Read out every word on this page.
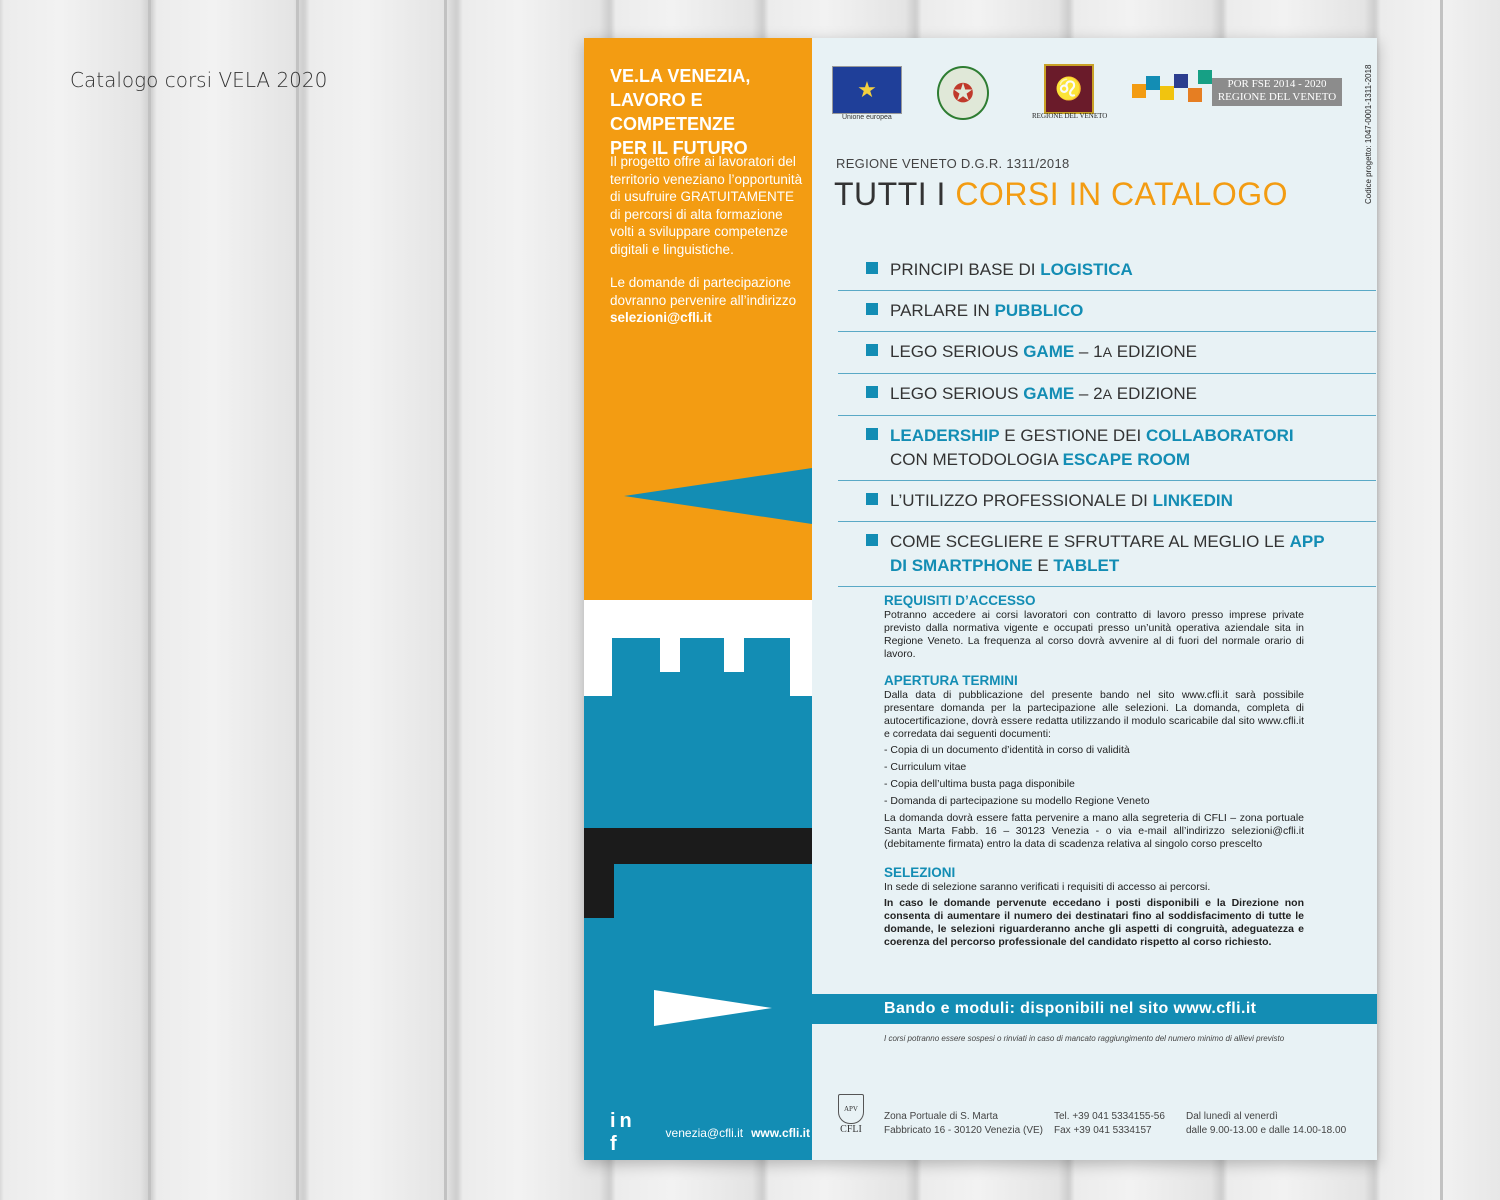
Catalogo corsi VELA 2020	VE.LA VENEZIA,
LAVORO E COMPETENZE
PER IL FUTURO

Il progetto offre ai lavoratori del territorio veneziano l’opportunità di usufruire GRATUITAMENTE di percorsi di alta formazione volti a sviluppare competenze digitali e linguistiche.

Le domande di partecipazione dovranno pervenire all’indirizzo selezioni@cfli.it

in f	venezia@cfli.it www.cfli.it
★
Unione europea
✪	♌
REGIONE DEL VENETO
POR FSE 2014 - 2020
REGIONE DEL VENETO	Codice progetto: 1047-0001-1311-2018
REGIONE VENETO D.G.R. 1311/2018
TUTTI I CORSI IN CATALOGO
PRINCIPI BASE DI LOGISTICA
PARLARE IN PUBBLICO
LEGO SERIOUS GAME – 1A EDIZIONE
LEGO SERIOUS GAME – 2A EDIZIONE
LEADERSHIP E GESTIONE DEI COLLABORATORI
CON METODOLOGIA ESCAPE ROOM
L’UTILIZZO PROFESSIONALE DI LINKEDIN
COME SCEGLIERE E SFRUTTARE AL MEGLIO LE APP
DI SMARTPHONE E TABLET
REQUISITI D’ACCESSO

Potranno accedere ai corsi lavoratori con contratto di lavoro presso imprese private previsto dalla normativa vigente e occupati presso un’unità operativa aziendale sita in Regione Veneto. La frequenza al corso dovrà avvenire al di fuori del normale orario di lavoro.

APERTURA TERMINI

Dalla data di pubblicazione del presente bando nel sito www.cfli.it sarà possibile presentare domanda per la partecipazione alle selezioni. La domanda, completa di autocertificazione, dovrà essere redatta utilizzando il modulo scaricabile dal sito www.cfli.it e corredata dai seguenti documenti:

- Copia di un documento d’identità in corso di validità
- Curriculum vitae
- Copia dell’ultima busta paga disponibile
- Domanda di partecipazione su modello Regione Veneto

La domanda dovrà essere fatta pervenire a mano alla segreteria di CFLI – zona portuale Santa Marta Fabb. 16 – 30123 Venezia - o via e-mail all’indirizzo selezioni@cfli.it (debitamente firmata) entro la data di scadenza relativa al singolo corso prescelto

SELEZIONI

In sede di selezione saranno verificati i requisiti di accesso ai percorsi.

In caso le domande pervenute eccedano i posti disponibili e la Direzione non consenta di aumentare il numero dei destinatari fino al soddisfacimento di tutte le domande, le selezioni riguarderanno anche gli aspetti di congruità, adeguatezza e coerenza del percorso professionale del candidato rispetto al corso richiesto.

Bando e moduli: disponibili nel sito www.cfli.it
I corsi potranno essere sospesi o rinviati in caso di mancato raggiungimento del numero minimo di allievi previsto
APV
CFLI
Zona Portuale di S. Marta
Fabbricato 16 - 30120 Venezia (VE)
Tel. +39 041 5334155-56
Fax +39 041 5334157
Dal lunedì al venerdì
dalle 9.00-13.00 e dalle 14.00-18.00
